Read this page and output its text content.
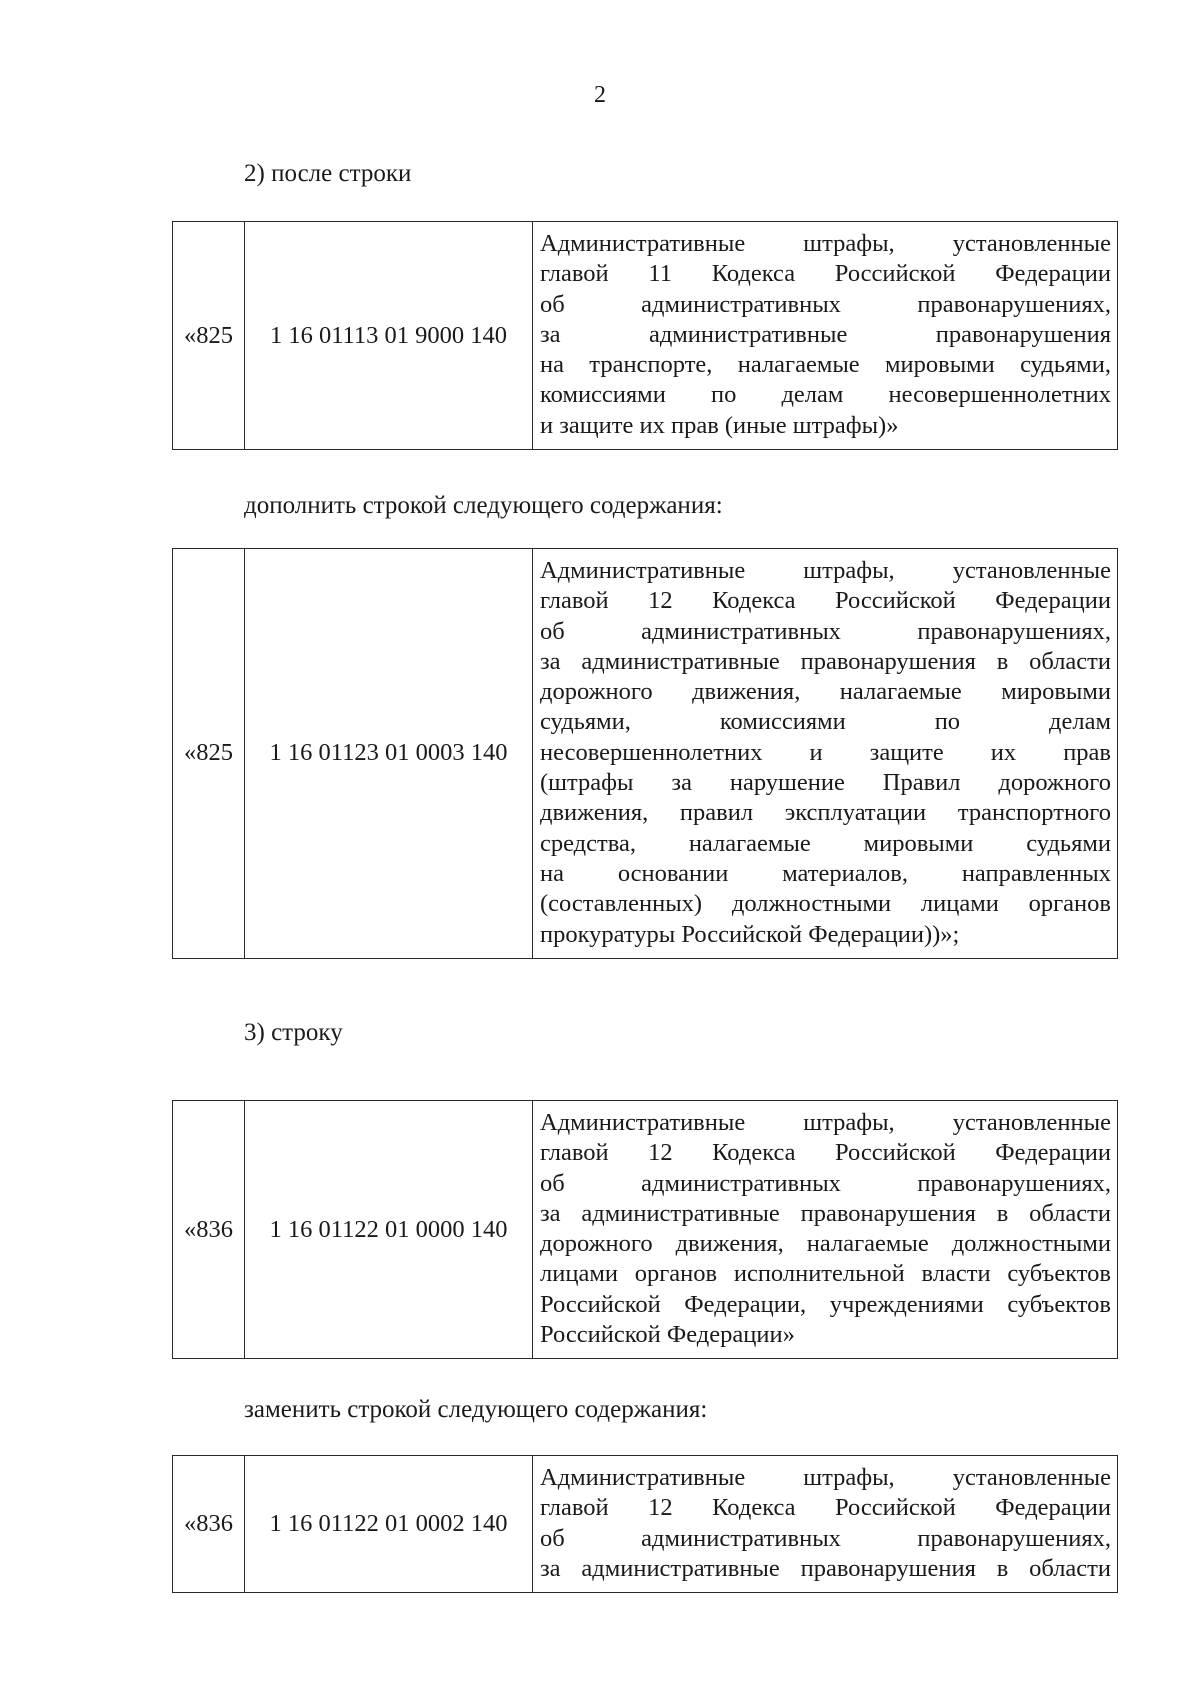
2
2) после строки
«825	1 16 01113 01 9000 140	
Административные штрафы, установленные
главой 11 Кодекса Российской Федерации
об административных правонарушениях,
за административные правонарушения
на транспорте, налагаемые мировыми судьями,
комиссиями по делам несовершеннолетних
и защите их прав (иные штрафы)»
дополнить строкой следующего содержания:
«825	1 16 01123 01 0003 140	
Административные штрафы, установленные
главой 12 Кодекса Российской Федерации
об административных правонарушениях,
за административные правонарушения в области
дорожного движения, налагаемые мировыми
судьями, комиссиями по делам
несовершеннолетних и защите их прав
(штрафы за нарушение Правил дорожного
движения, правил эксплуатации транспортного
средства, налагаемые мировыми судьями
на основании материалов, направленных
(составленных) должностными лицами органов
прокуратуры Российской Федерации))»;
3) строку
«836	1 16 01122 01 0000 140	
Административные штрафы, установленные
главой 12 Кодекса Российской Федерации
об административных правонарушениях,
за административные правонарушения в области
дорожного движения, налагаемые должностными
лицами органов исполнительной власти субъектов
Российской Федерации, учреждениями субъектов
Российской Федерации»
заменить строкой следующего содержания:
«836	1 16 01122 01 0002 140	
Административные штрафы, установленные
главой 12 Кодекса Российской Федерации
об административных правонарушениях,
за административные правонарушения в области
